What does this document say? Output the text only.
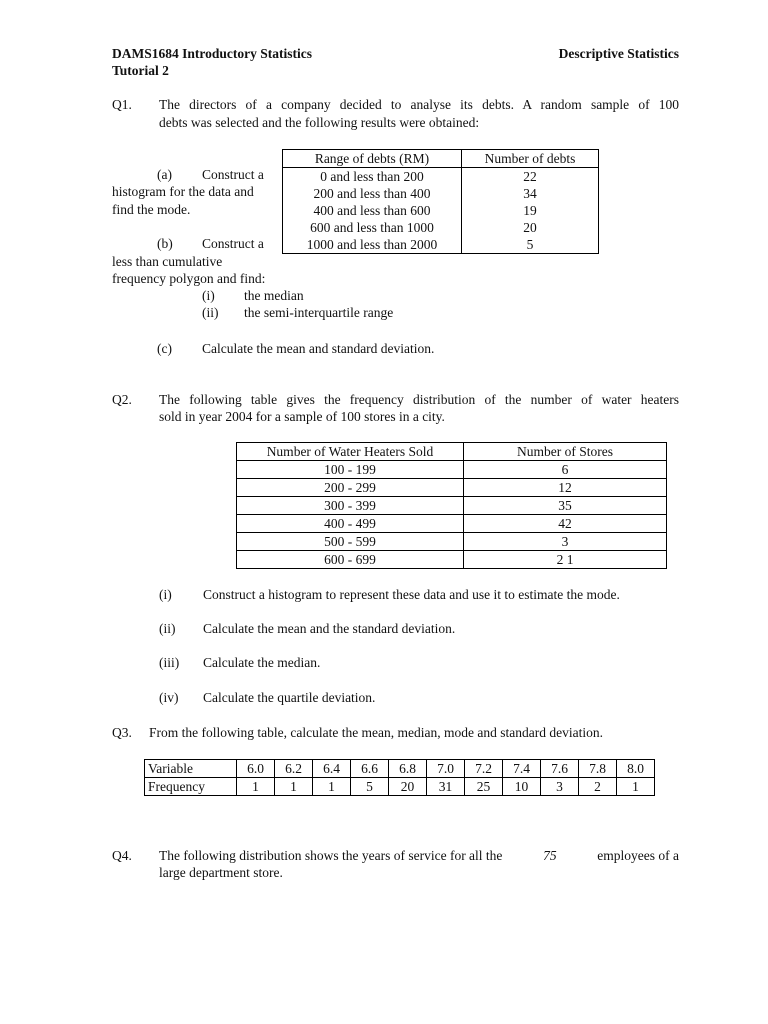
DAMS1684 Introductory Statistics	Descriptive Statistics
Tutorial 2
Q1. The directors of a company decided to analyse its debts. A random sample of 100
debts was selected and the following results were obtained:
(a) Construct a
histogram for the data and
find the mode.
(b) Construct a
less than cumulative
frequency polygon and find:
(i) the median
(ii) the semi-interquartile range
(c) Calculate the mean and standard deviation.
Range of debts (RM)	Number of debts
0 and less than 200	22
200 and less than 400	34
400 and less than 600	19
600 and less than 1000	20
1000 and less than 2000	5
Q2. The following table gives the frequency distribution of the number of water heaters
sold in year 2004 for a sample of 100 stores in a city.
Number of Water Heaters Sold	Number of Stores
100 - 199	6
200 - 299	12
300 - 399	35
400 - 499	42
500 - 599	3
600 - 699	2 1
(i) Construct a histogram to represent these data and use it to estimate the mode.
(ii) Calculate the mean and the standard deviation.
(iii) Calculate the median.
(iv) Calculate the quartile deviation.
Q3. From the following table, calculate the mean, median, mode and standard deviation.
Variable	6.0	6.2	6.4	6.6	6.8	7.0	7.2	7.4	7.6	7.8	8.0
Frequency	1	1	1	5	20	31	25	10	3	2	1
Q4. The following distribution shows the years of service for all the	75	employees of a
large department store.
